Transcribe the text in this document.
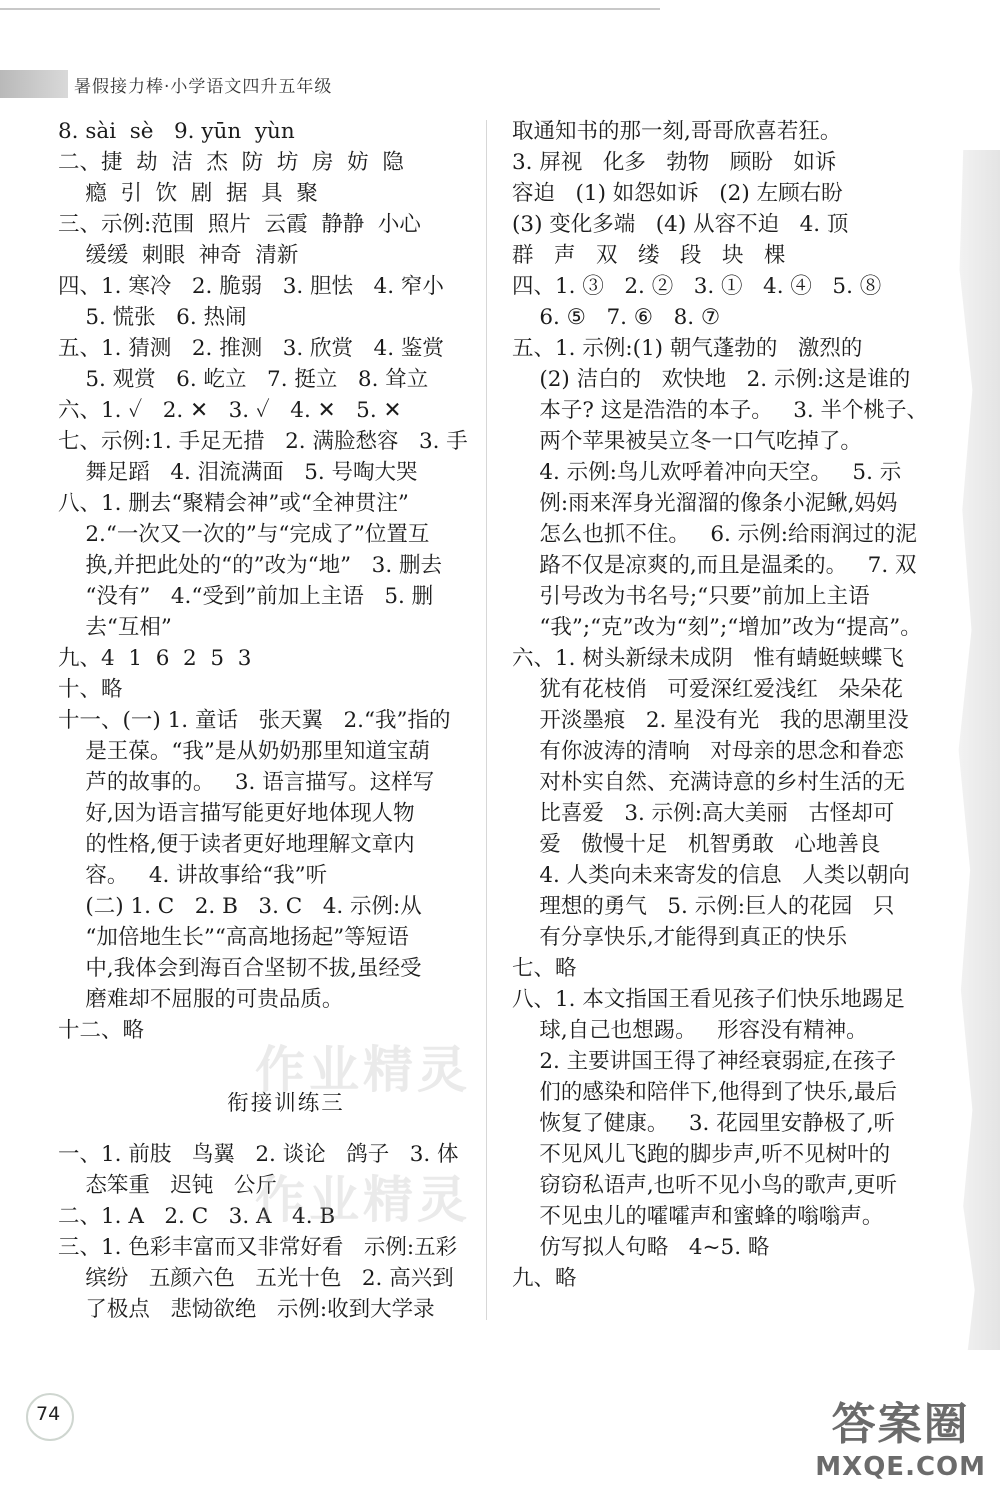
暑假接力棒·小学语文四升五年级
8. sài  sè   9. yūn  yùn
二、捷  劫  洁  杰  防  坊  房  妨  隐
瘾  引  饮  剧  据  具  聚
三、示例:范围  照片  云霞  静静  小心
缓缓  刺眼  神奇  清新
四、1. 寒冷   2. 脆弱   3. 胆怯   4. 窄小
5. 慌张   6. 热闹
五、1. 猜测   2. 推测   3. 欣赏   4. 鉴赏
5. 观赏   6. 屹立   7. 挺立   8. 耸立
六、1. ✓   2. ✕   3. ✓   4. ✕   5. ✕
七、示例:1. 手足无措   2. 满脸愁容   3. 手
舞足蹈   4. 泪流满面   5. 号啕大哭
八、1. 删去“聚精会神”或“全神贯注”
2.“一次又一次的”与“完成了”位置互
换,并把此处的“的”改为“地”   3. 删去
“没有”   4.“受到”前加上主语   5. 删
去“互相”
九、4  1  6  2  5  3
十、略
十一、(一) 1. 童话   张天翼   2.“我”指的
是王葆。“我”是从奶奶那里知道宝葫
芦的故事的。   3. 语言描写。这样写
好,因为语言描写能更好地体现人物
的性格,便于读者更好地理解文章内
容。   4. 讲故事给“我”听
(二) 1. C   2. B   3. C   4. 示例:从
“加倍地生长”“高高地扬起”等短语
中,我体会到海百合坚韧不拔,虽经受
磨难却不屈服的可贵品质。
十二、略
衔接训练三
一、1. 前肢   鸟翼   2. 谈论   鸽子   3. 体
态笨重   迟钝   公斤
二、1. A   2. C   3. A   4. B
三、1. 色彩丰富而又非常好看   示例:五彩
缤纷   五颜六色   五光十色   2. 高兴到
了极点   悲恸欲绝   示例:收到大学录
取通知书的那一刻,哥哥欣喜若狂。
3. 屏视   化多   勃物   顾盼   如诉
容迫   (1) 如怨如诉   (2) 左顾右盼
(3) 变化多端   (4) 从容不迫   4. 顶
群   声   双   缕   段   块   棵
四、1. ③   2. ②   3. ①   4. ④   5. ⑧
6. ⑤   7. ⑥   8. ⑦
五、1. 示例:(1) 朝气蓬勃的   激烈的
(2) 洁白的   欢快地   2. 示例:这是谁的
本子? 这是浩浩的本子。   3. 半个桃子、
两个苹果被吴立冬一口气吃掉了。
4. 示例:鸟儿欢呼着冲向天空。   5. 示
例:雨来浑身光溜溜的像条小泥鳅,妈妈
怎么也抓不住。   6. 示例:给雨润过的泥
路不仅是凉爽的,而且是温柔的。   7. 双
引号改为书名号;“只要”前加上主语
“我”;“克”改为“刻”;“增加”改为“提高”。
六、1. 树头新绿未成阴   惟有蜻蜓蛱蝶飞
犹有花枝俏   可爱深红爱浅红   朵朵花
开淡墨痕   2. 星没有光   我的思潮里没
有你波涛的清响   对母亲的思念和眷恋
对朴实自然、充满诗意的乡村生活的无
比喜爱   3. 示例:高大美丽   古怪却可
爱   傲慢十足   机智勇敢   心地善良
4. 人类向未来寄发的信息   人类以朝向
理想的勇气   5. 示例:巨人的花园   只
有分享快乐,才能得到真正的快乐
七、略
八、1. 本文指国王看见孩子们快乐地踢足
球,自己也想踢。   形容没有精神。
2. 主要讲国王得了神经衰弱症,在孩子
们的感染和陪伴下,他得到了快乐,最后
恢复了健康。   3. 花园里安静极了,听
不见风儿飞跑的脚步声,听不见树叶的
窃窃私语声,也听不见小鸟的歌声,更听
不见虫儿的嚯嚯声和蜜蜂的嗡嗡声。
仿写拟人句略   4~5. 略
九、略
作业精灵
作业精灵
74	答案圈
MXQE.COM
